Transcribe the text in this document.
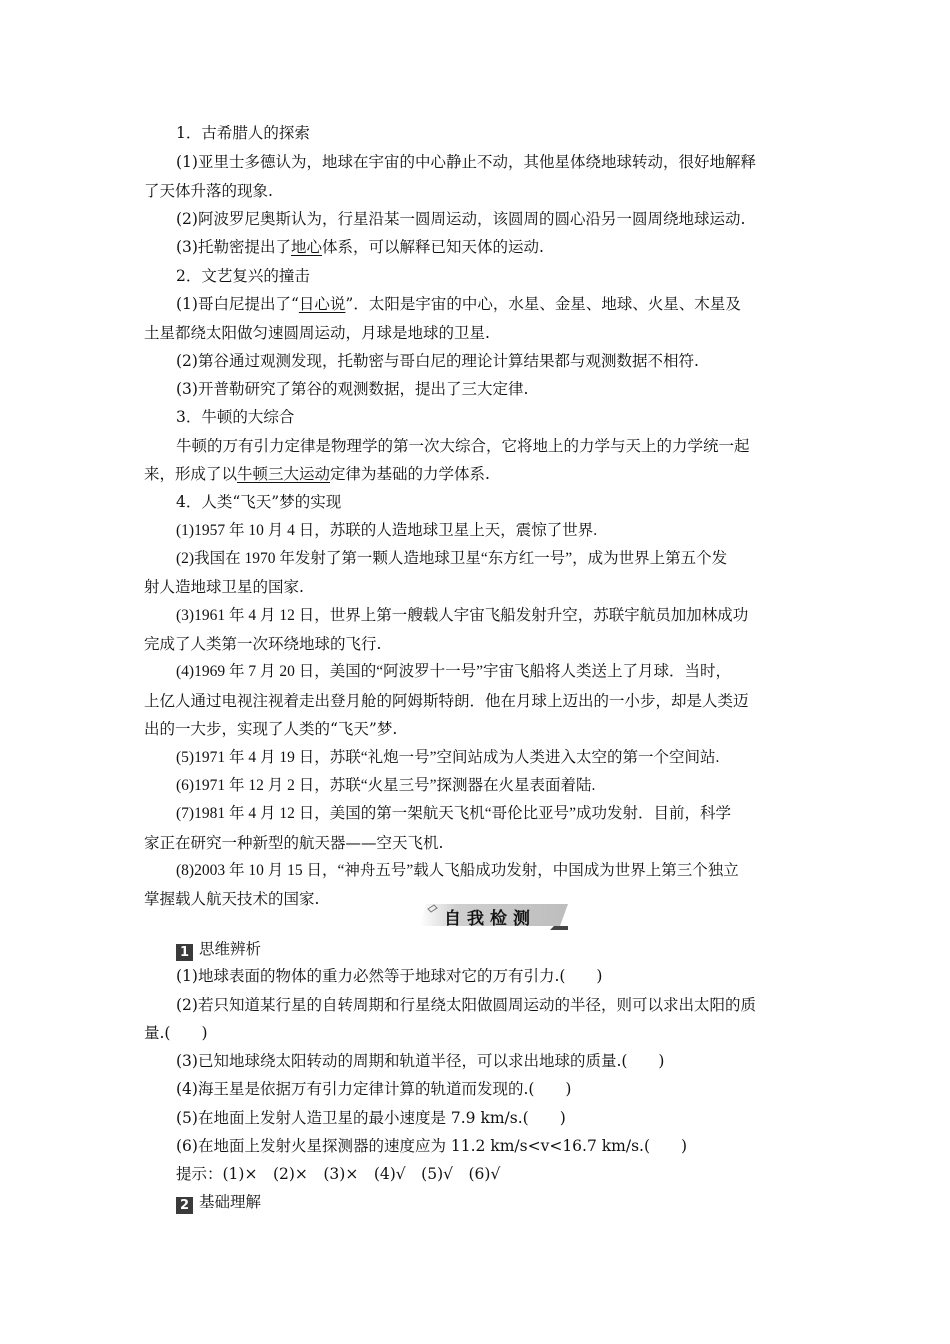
1．古希腊人的探索
(1)亚里士多德认为，地球在宇宙的中心静止不动，其他星体绕地球转动，很好地解释
了天体升落的现象.
(2)阿波罗尼奥斯认为，行星沿某一圆周运动，该圆周的圆心沿另一圆周绕地球运动.
(3)托勒密提出了地心体系，可以解释已知天体的运动.
2．文艺复兴的撞击
(1)哥白尼提出了“日心说”．太阳是宇宙的中心，水星、金星、地球、火星、木星及
土星都绕太阳做匀速圆周运动，月球是地球的卫星.
(2)第谷通过观测发现，托勒密与哥白尼的理论计算结果都与观测数据不相符.
(3)开普勒研究了第谷的观测数据，提出了三大定律.
3．牛顿的大综合
牛顿的万有引力定律是物理学的第一次大综合，它将地上的力学与天上的力学统一起
来，形成了以牛顿三大运动定律为基础的力学体系.
4．人类“飞天”梦的实现
(1)1957 年 10 月 4 日，苏联的人造地球卫星上天，震惊了世界.
(2)我国在 1970 年发射了第一颗人造地球卫星“东方红一号”，成为世界上第五个发
射人造地球卫星的国家.
(3)1961 年 4 月 12 日，世界上第一艘载人宇宙飞船发射升空，苏联宇航员加加林成功
完成了人类第一次环绕地球的飞行.
(4)1969 年 7 月 20 日，美国的“阿波罗十一号”宇宙飞船将人类送上了月球．当时，
上亿人通过电视注视着走出登月舱的阿姆斯特朗．他在月球上迈出的一小步，却是人类迈
出的一大步，实现了人类的“飞天”梦.
(5)1971 年 4 月 19 日，苏联“礼炮一号”空间站成为人类进入太空的第一个空间站.
(6)1971 年 12 月 2 日，苏联“火星三号”探测器在火星表面着陆.
(7)1981 年 4 月 12 日，美国的第一架航天飞机“哥伦比亚号”成功发射．目前，科学
家正在研究一种新型的航天器——空天飞机.
(8)2003 年 10 月 15 日，“神舟五号”载人飞船成功发射，中国成为世界上第三个独立
掌握载人航天技术的国家.
自我检测
1 思维辨析
(1)地球表面的物体的重力必然等于地球对它的万有引力.(　　)
(2)若只知道某行星的自转周期和行星绕太阳做圆周运动的半径，则可以求出太阳的质
量.(　　)
(3)已知地球绕太阳转动的周期和轨道半径，可以求出地球的质量.(　　)
(4)海王星是依据万有引力定律计算的轨道而发现的.(　　)
(5)在地面上发射人造卫星的最小速度是 7.9 km/s.(　　)
(6)在地面上发射火星探测器的速度应为 11.2 km/s<v<16.7 km/s.(　　)
提示：(1)×　(2)×　(3)×　(4)√　(5)√　(6)√
2 基础理解
